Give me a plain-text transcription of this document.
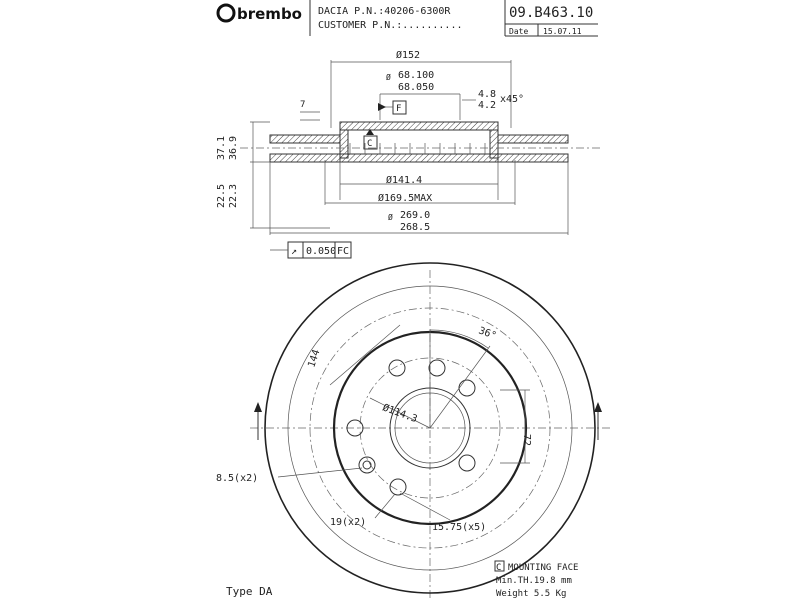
brembo DACIA P.N.:40206-6300R
CUSTOMER P.N.:..........
09.B463.10
Date 15.07.11
Ø152
Ø 68.100
68.050
4.8
4.2
x45°
7	F
C
37.1 36.9
22.5 22.3
Ø141.4
Ø169.5MAX
Ø 269.0
268.5
↗ 0.050 FC
36°
144
Ø114.3
72
8.5(x2)
19(x2)	15.75(x5)
Type DA
C MOUNTING FACE
Min.TH.19.8 mm
Weight 5.5 Kg
